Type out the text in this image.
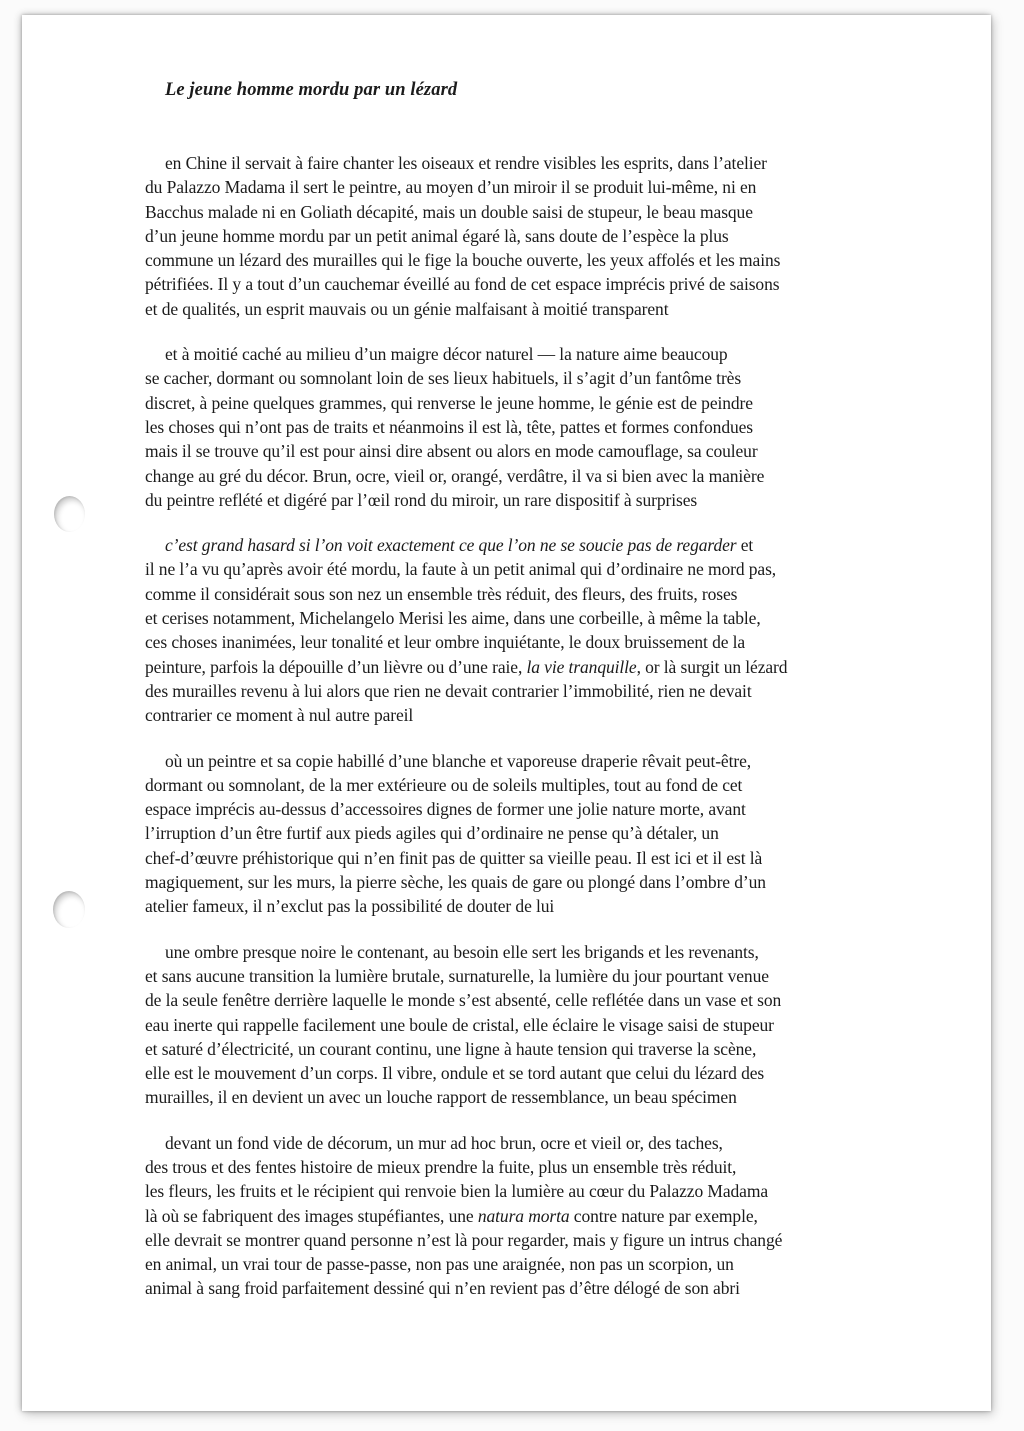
Le jeune homme mordu par un lézard
en Chine il servait à faire chanter les oiseaux et rendre visibles les esprits, dans l’atelier
du Palazzo Madama il sert le peintre, au moyen d’un miroir il se produit lui-même, ni en
Bacchus malade ni en Goliath décapité, mais un double saisi de stupeur, le beau masque
d’un jeune homme mordu par un petit animal égaré là, sans doute de l’espèce la plus
commune un lézard des murailles qui le fige la bouche ouverte, les yeux affolés et les mains
pétrifiées. Il y a tout d’un cauchemar éveillé au fond de cet espace imprécis privé de saisons
et de qualités, un esprit mauvais ou un génie malfaisant à moitié transparent
et à moitié caché au milieu d’un maigre décor naturel — la nature aime beaucoup
se cacher, dormant ou somnolant loin de ses lieux habituels, il s’agit d’un fantôme très
discret, à peine quelques grammes, qui renverse le jeune homme, le génie est de peindre
les choses qui n’ont pas de traits et néanmoins il est là, tête, pattes et formes confondues
mais il se trouve qu’il est pour ainsi dire absent ou alors en mode camouflage, sa couleur
change au gré du décor. Brun, ocre, vieil or, orangé, verdâtre, il va si bien avec la manière
du peintre reflété et digéré par l’œil rond du miroir, un rare dispositif à surprises
c’est grand hasard si l’on voit exactement ce que l’on ne se soucie pas de regarder et
il ne l’a vu qu’après avoir été mordu, la faute à un petit animal qui d’ordinaire ne mord pas,
comme il considérait sous son nez un ensemble très réduit, des fleurs, des fruits, roses
et cerises notamment, Michelangelo Merisi les aime, dans une corbeille, à même la table,
ces choses inanimées, leur tonalité et leur ombre inquiétante, le doux bruissement de la
peinture, parfois la dépouille d’un lièvre ou d’une raie, la vie tranquille, or là surgit un lézard
des murailles revenu à lui alors que rien ne devait contrarier l’immobilité, rien ne devait
contrarier ce moment à nul autre pareil
où un peintre et sa copie habillé d’une blanche et vaporeuse draperie rêvait peut-être,
dormant ou somnolant, de la mer extérieure ou de soleils multiples, tout au fond de cet
espace imprécis au-dessus d’accessoires dignes de former une jolie nature morte, avant
l’irruption d’un être furtif aux pieds agiles qui d’ordinaire ne pense qu’à détaler, un
chef-d’œuvre préhistorique qui n’en finit pas de quitter sa vieille peau. Il est ici et il est là
magiquement, sur les murs, la pierre sèche, les quais de gare ou plongé dans l’ombre d’un
atelier fameux, il n’exclut pas la possibilité de douter de lui
une ombre presque noire le contenant, au besoin elle sert les brigands et les revenants,
et sans aucune transition la lumière brutale, surnaturelle, la lumière du jour pourtant venue
de la seule fenêtre derrière laquelle le monde s’est absenté, celle reflétée dans un vase et son
eau inerte qui rappelle facilement une boule de cristal, elle éclaire le visage saisi de stupeur
et saturé d’électricité, un courant continu, une ligne à haute tension qui traverse la scène,
elle est le mouvement d’un corps. Il vibre, ondule et se tord autant que celui du lézard des
murailles, il en devient un avec un louche rapport de ressemblance, un beau spécimen
devant un fond vide de décorum, un mur ad hoc brun, ocre et vieil or, des taches,
des trous et des fentes histoire de mieux prendre la fuite, plus un ensemble très réduit,
les fleurs, les fruits et le récipient qui renvoie bien la lumière au cœur du Palazzo Madama
là où se fabriquent des images stupéfiantes, une natura morta contre nature par exemple,
elle devrait se montrer quand personne n’est là pour regarder, mais y figure un intrus changé
en animal, un vrai tour de passe-passe, non pas une araignée, non pas un scorpion, un
animal à sang froid parfaitement dessiné qui n’en revient pas d’être délogé de son abri
